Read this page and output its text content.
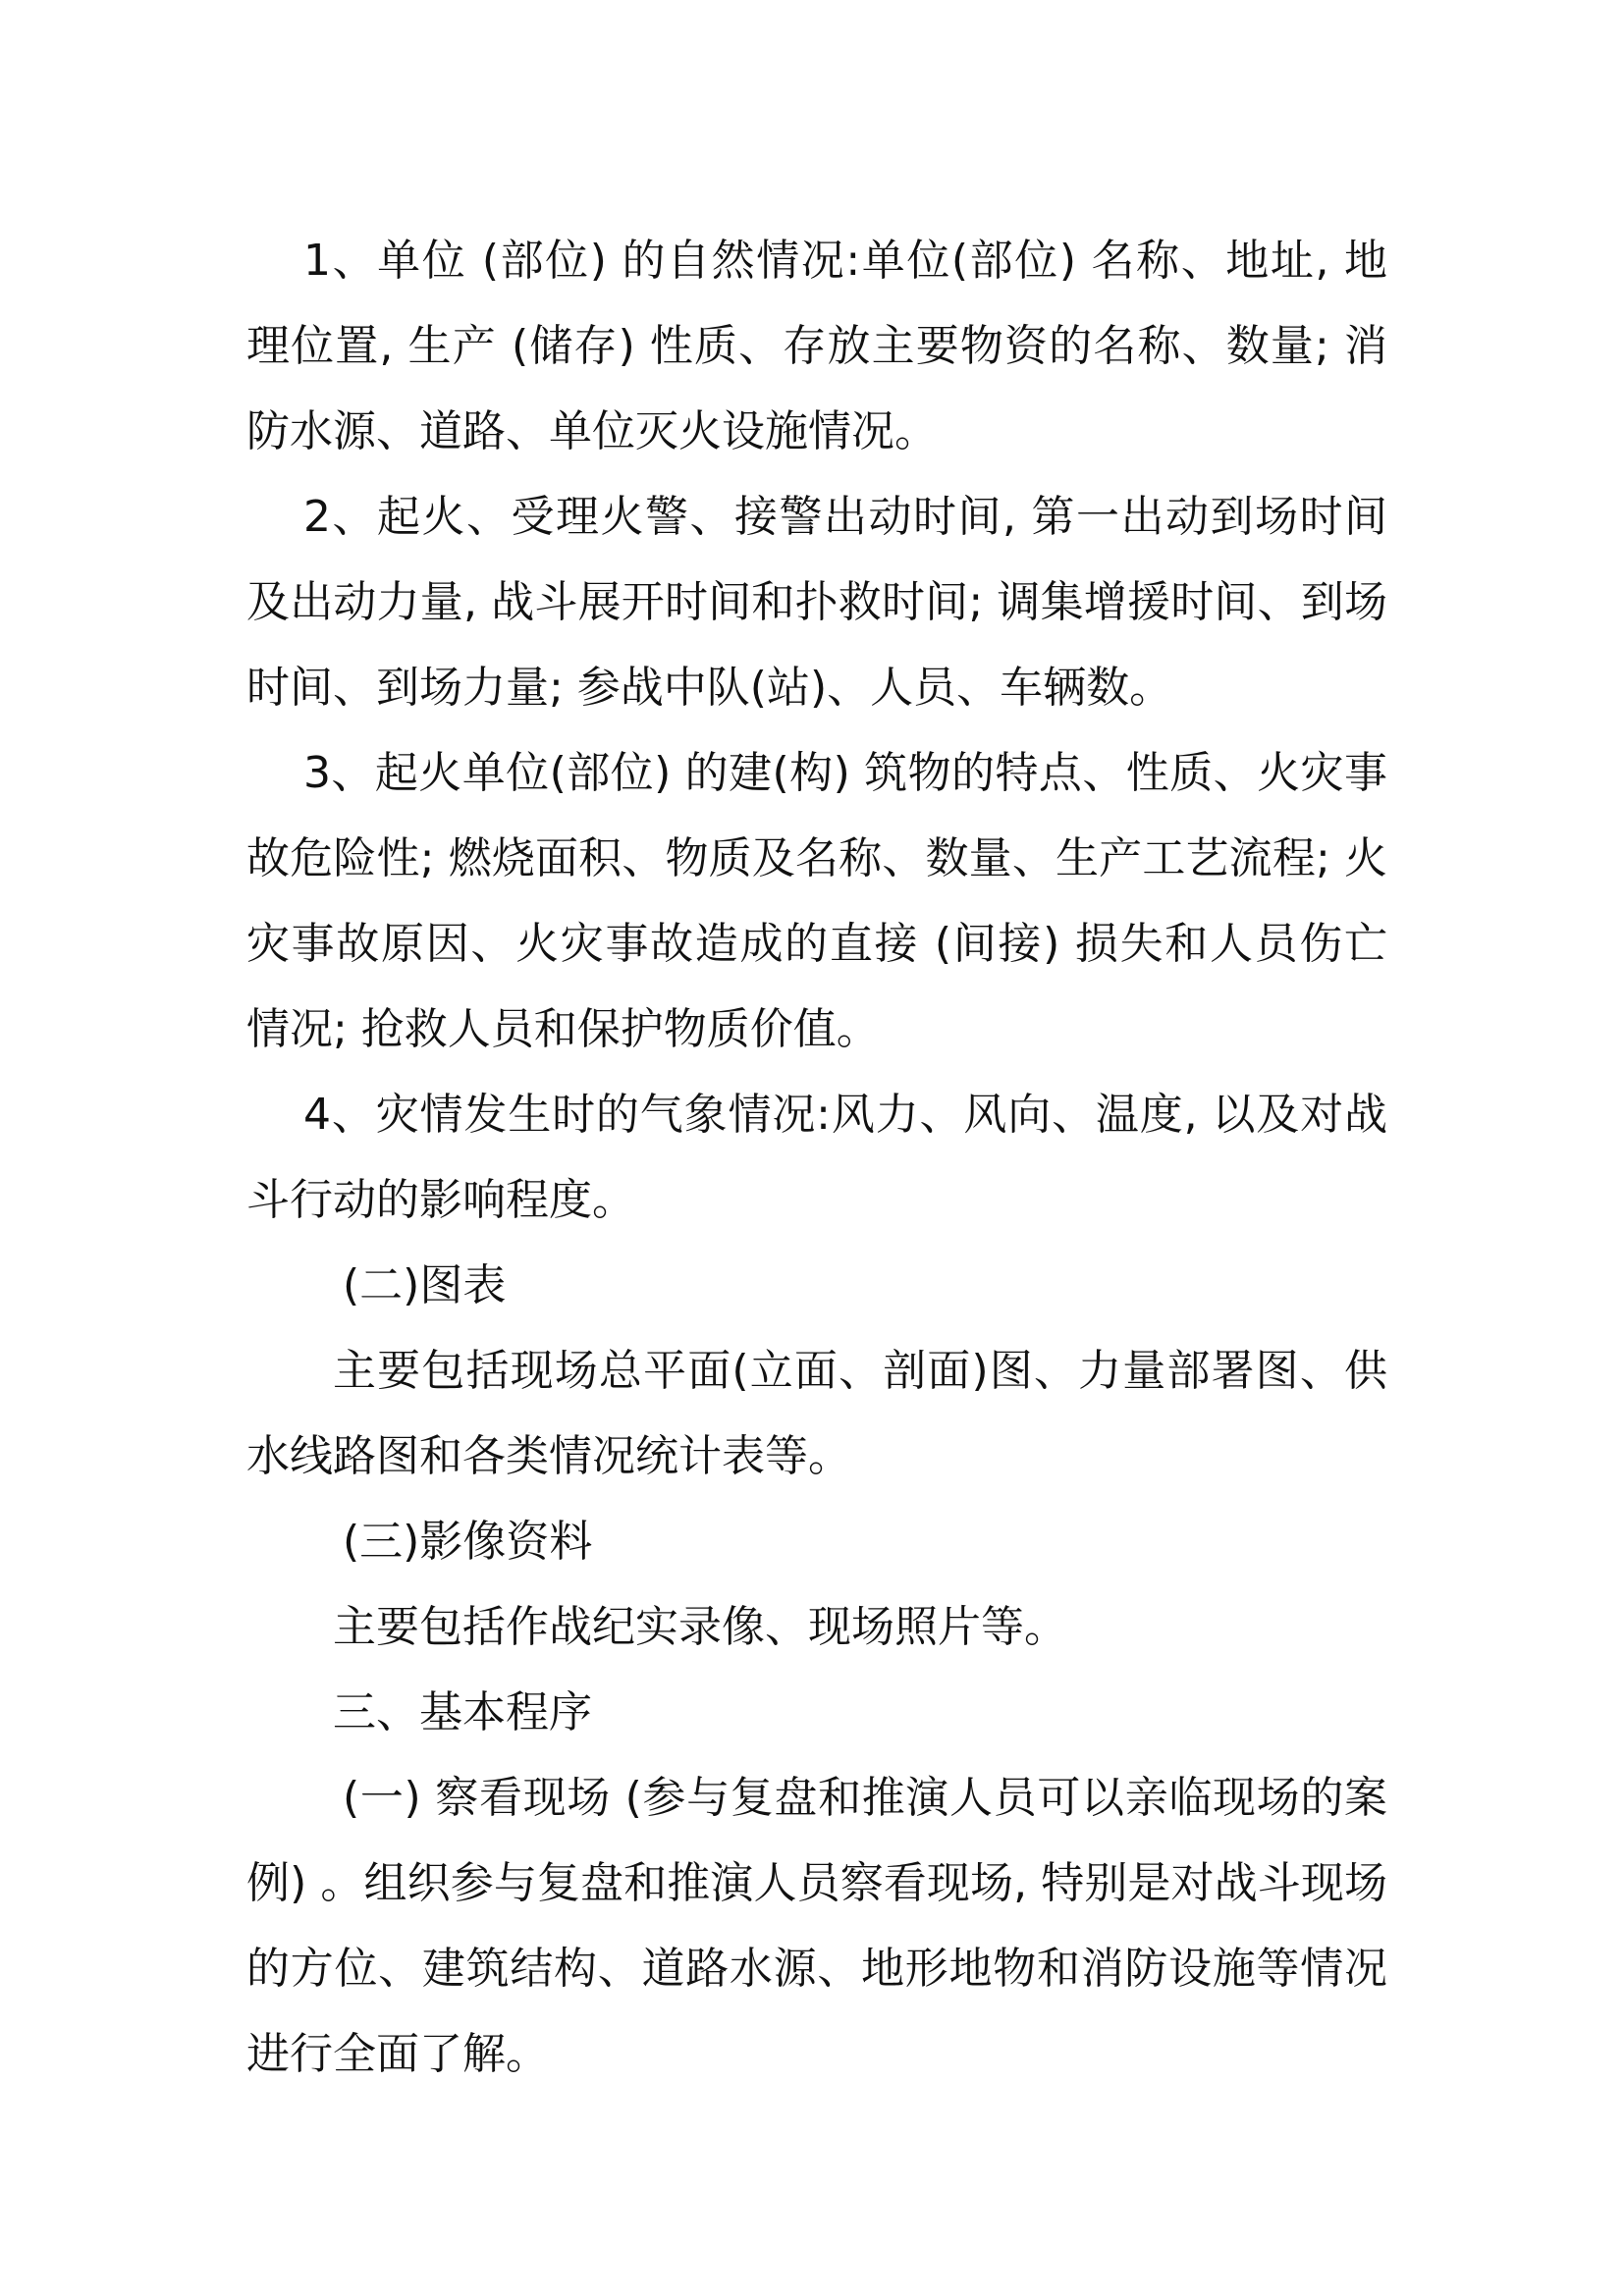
1、单位 (部位) 的自然情况:单位(部位) 名称、地址, 地理位置, 生产 (储存) 性质、存放主要物资的名称、数量; 消防水源、道路、单位灭火设施情况。

2、起火、受理火警、接警出动时间, 第一出动到场时间及出动力量, 战斗展开时间和扑救时间; 调集增援时间、到场时间、到场力量; 参战中队(站)、人员、车辆数。

3、起火单位(部位) 的建(构) 筑物的特点、性质、火灾事故危险性; 燃烧面积、物质及名称、数量、生产工艺流程; 火灾事故原因、火灾事故造成的直接 (间接) 损失和人员伤亡情况; 抢救人员和保护物质价值。

4、灾情发生时的气象情况:风力、风向、温度, 以及对战斗行动的影响程度。

(二)图表

主要包括现场总平面(立面、剖面)图、力量部署图、供水线路图和各类情况统计表等。

(三)影像资料

主要包括作战纪实录像、现场照片等。

三、基本程序

(一) 察看现场 (参与复盘和推演人员可以亲临现场的案例) 。组织参与复盘和推演人员察看现场, 特别是对战斗现场的方位、建筑结构、道路水源、地形地物和消防设施等情况进行全面了解。
